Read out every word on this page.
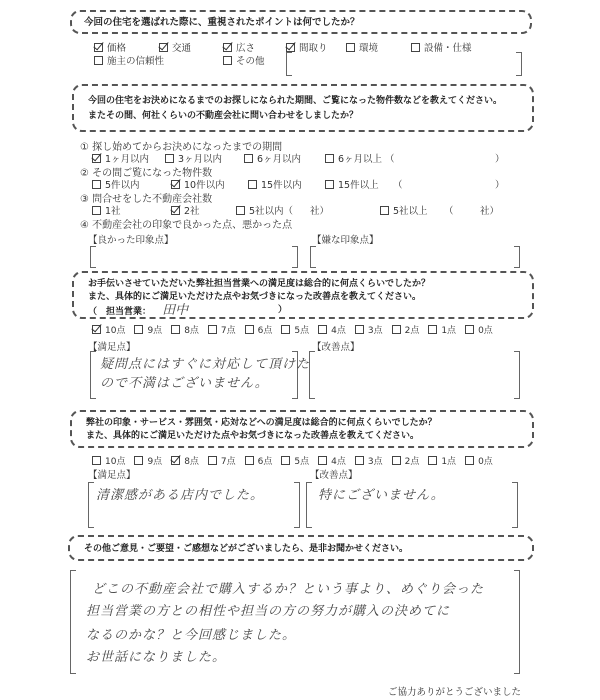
今回の住宅を選ばれた際に、重視されたポイントは何でしたか？
価格	交通	広さ	間取り	環境	設備・仕様
施主の信頼性	その他
今回の住宅をお決めになるまでのお探しになられた期間、ご覧になった物件数などを教えてください。
またその間、何社くらいの不動産会社に問い合わせをしましたか？
① 探し始めてからお決めになったまでの期間
1ヶ月以内	3ヶ月以内	6ヶ月以内	6ヶ月以上 （	）
② その間ご覧になった物件数
5件以内	10件以内	15件以内	15件以上 （	）
③ 問合せをした不動産会社数
1社	2社	5社以内（ 社）	5社以上 （	社）
④ 不動産会社の印象で良かった点、悪かった点
【良かった印象点】	【嫌な印象点】
お手伝いさせていただいた弊社担当営業への満足度は総合的に何点くらいでしたか？
また、具体的にご満足いただけた点やお気づきになった改善点を教えてください。
（　担当営業： 田中	）
10点	9点	8点	7点	6点	5点	4点	3点	2点	1点	0点
【満足点】	【改善点】
疑問点にはすぐに対応して頂けた
ので不満はございません。
弊社の印象・サービス・雰囲気・応対などへの満足度は総合的に何点くらいでしたか？
また、具体的にご満足いただけた点やお気づきになった改善点を教えてください。
10点	9点	8点	7点	6点	5点	4点	3点	2点	1点	0点
【満足点】	【改善点】
清潔感がある店内でした。	特にございません。
その他ご意見・ご要望・ご感想などがございましたら、是非お聞かせください。
どこの不動産会社で購入するか？という事より、めぐり会った
担当営業の方との相性や担当の方の努力が購入の決めてに
なるのかな？と今回感じました。
お世話になりました。
ご協力ありがとうございました
